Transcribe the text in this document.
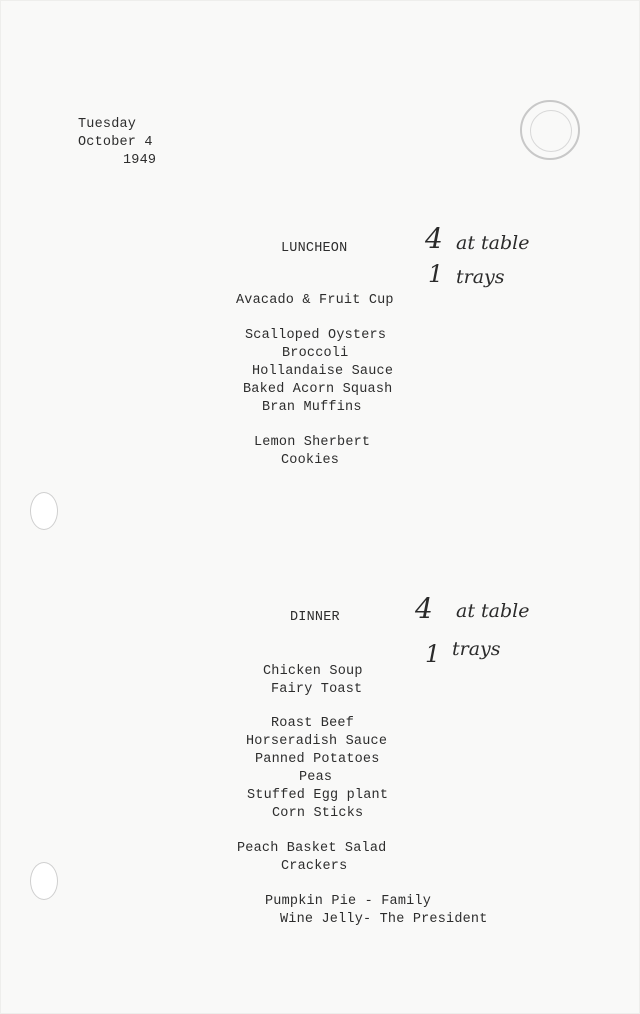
Tuesday
October 4
1949
LUNCHEON	4 at table
1 trays
Avacado & Fruit Cup
Scalloped Oysters
Broccoli
Hollandaise Sauce
Baked Acorn Squash
Bran Muffins
Lemon Sherbert
Cookies
DINNER	4 at table
1 trays
Chicken Soup
Fairy Toast
Roast Beef
Horseradish Sauce
Panned Potatoes
Peas
Stuffed Egg plant
Corn Sticks
Peach Basket Salad
Crackers
Pumpkin Pie - Family
Wine Jelly- The President
